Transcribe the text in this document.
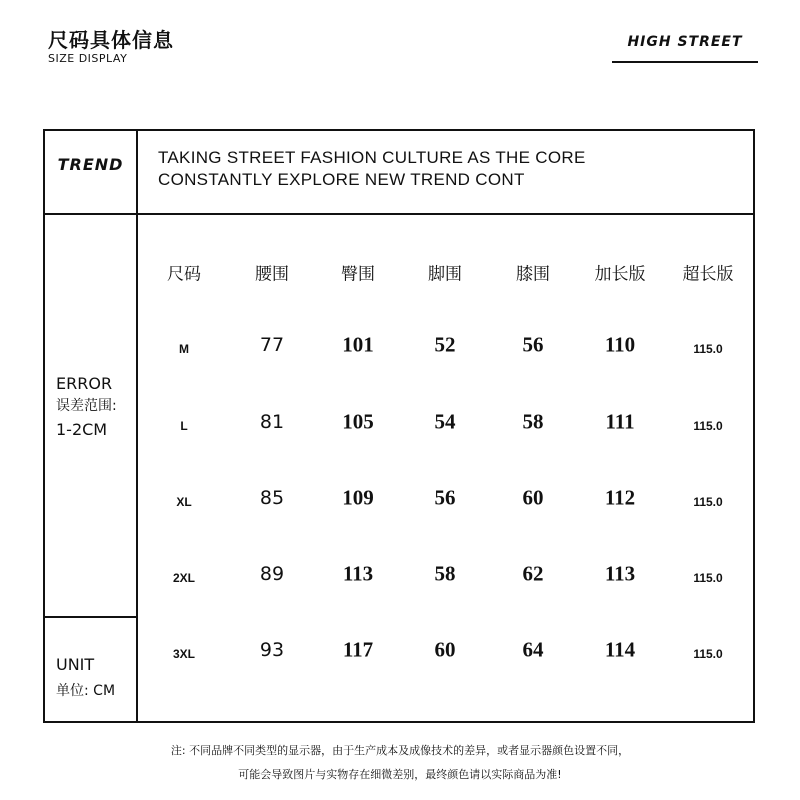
尺码具体信息
SIZE DISPLAY
HIGH STREET
TREND	TAKING STREET FASHION CULTURE AS THE CORE
CONSTANTLY EXPLORE NEW TREND CONT
ERROR
误差范围:
1-2CM
UNIT
单位: CM
尺码	腰围	臀围	脚围	膝围	加长版 超长版
M	77	101	52	56	110	115.0
L	81	105	54	58	111	115.0
XL	85	109	56	60	112	115.0
2XL	89	113	58	62	113	115.0
3XL	93	117	60	64	114	115.0
注: 不同品牌不同类型的显示器，由于生产成本及成像技术的差异，或者显示器颜色设置不同，
可能会导致图片与实物存在细微差别，最终颜色请以实际商品为准!
